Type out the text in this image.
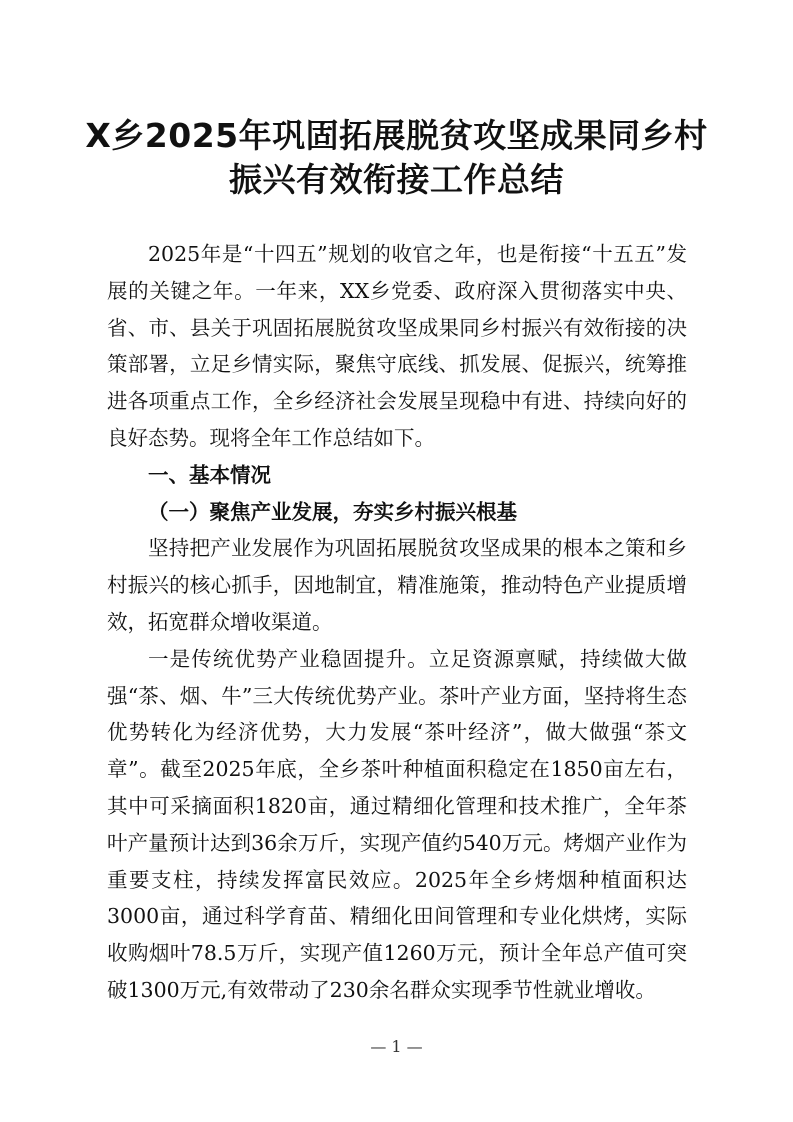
X乡2025年巩固拓展脱贫攻坚成果同乡村
振兴有效衔接工作总结

2025年是“十四五”规划的收官之年，也是衔接“十五五”发展的关键之年。一年来，XX乡党委、政府深入贯彻落实中央、省、市、县关于巩固拓展脱贫攻坚成果同乡村振兴有效衔接的决策部署，立足乡情实际，聚焦守底线、抓发展、促振兴，统筹推进各项重点工作，全乡经济社会发展呈现稳中有进、持续向好的良好态势。现将全年工作总结如下。

一、基本情况

（一）聚焦产业发展，夯实乡村振兴根基

坚持把产业发展作为巩固拓展脱贫攻坚成果的根本之策和乡村振兴的核心抓手，因地制宜，精准施策，推动特色产业提质增效，拓宽群众增收渠道。

一是传统优势产业稳固提升。立足资源禀赋，持续做大做强“茶、烟、牛”三大传统优势产业。茶叶产业方面，坚持将生态优势转化为经济优势，大力发展“茶叶经济”，做大做强“茶文章”。截至2025年底，全乡茶叶种植面积稳定在1850亩左右，其中可采摘面积1820亩，通过精细化管理和技术推广，全年茶叶产量预计达到36余万斤，实现产值约540万元。烤烟产业作为重要支柱，持续发挥富民效应。2025年全乡烤烟种植面积达3000亩，通过科学育苗、精细化田间管理和专业化烘烤，实际收购烟叶78.5万斤，实现产值1260万元，预计全年总产值可突破1300万元,有效带动了230余名群众实现季节性就业增收。

— 1 —
